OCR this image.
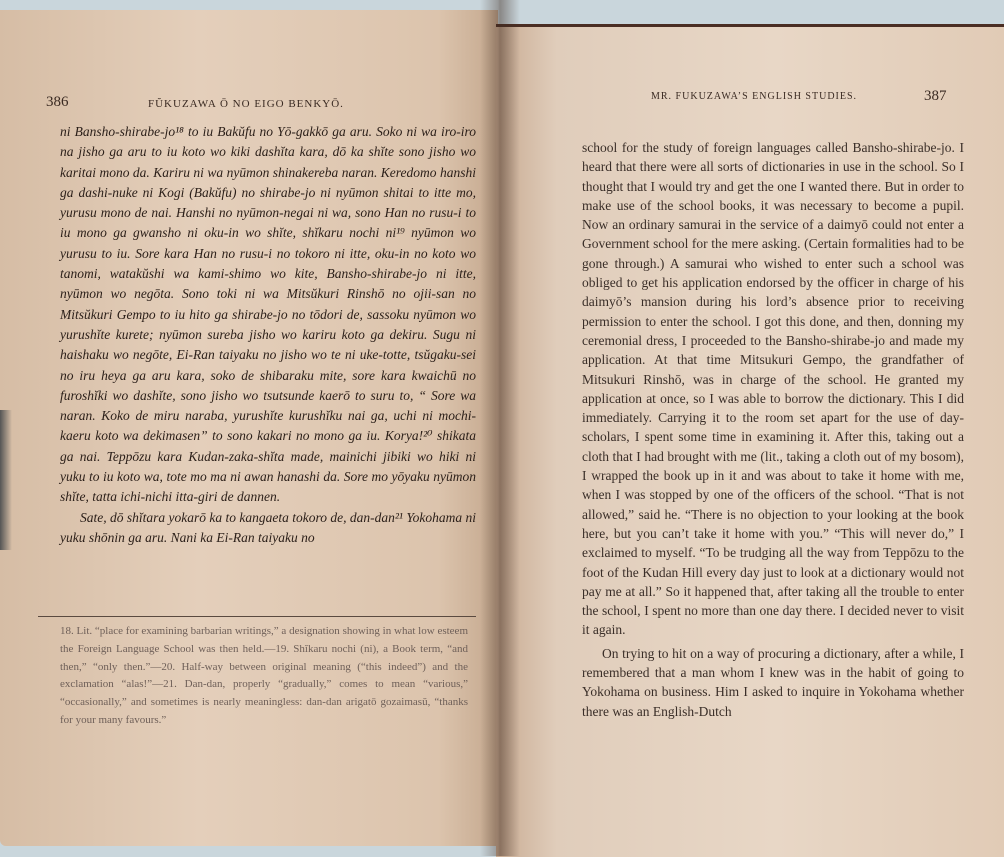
386	FŬKUZAWA Ō NO EIGO BENKYŌ.

ni Bansho-shirabe-jo¹⁸ to iu Bakŭfu no Yō-gakkō ga aru. Soko ni wa iro-iro na jisho ga aru to iu koto wo kiki dashĭta kara, dō ka shĭte sono jisho wo karitai mono da. Kariru ni wa nyūmon shinakereba naran. Keredomo hanshi ga dashi-nuke ni Kogi (Bakŭfu) no shirabe-jo ni nyūmon shitai to itte mo, yurusu mono de nai. Hanshi no nyūmon-negai ni wa, sono Han no rusu-i to iu mono ga gwansho ni oku-in wo shĭte, shĭkaru nochi ni¹⁹ nyūmon wo yurusu to iu. Sore kara Han no rusu-i no tokoro ni itte, oku-in no koto wo tanomi, watakŭshi wa kami-shimo wo kite, Bansho-shirabe-jo ni itte, nyūmon wo negōta. Sono toki ni wa Mitsŭkuri Rinshō no ojii-san no Mitsŭkuri Gempo to iu hito ga shirabe-jo no tōdori de, sassoku nyūmon wo yurushĭte kurete; nyūmon sureba jisho wo kariru koto ga dekiru. Sugu ni haishaku wo negōte, Ei-Ran taiyaku no jisho wo te ni uke-totte, tsŭgaku-sei no iru heya ga aru kara, soko de shibaraku mite, sore kara kwaichū no furoshĭki wo dashĭte, sono jisho wo tsutsunde kaerō to suru to, “ Sore wa naran. Koko de miru naraba, yurushĭte kurushĭku nai ga, uchi ni mochi-kaeru koto wa dekimasen” to sono kakari no mono ga iu. Korya!²⁰ shikata ga nai. Teppōzu kara Kudan-zaka-shĭta made, mainichi jibiki wo hiki ni yuku to iu koto wa, tote mo ma ni awan hanashi da. Sore mo yōyaku nyūmon shĭte, tatta ichi-nichi itta-giri de dannen.

Sate, dō shĭtara yokarō ka to kangaeta tokoro de, dan-dan²¹ Yokohama ni yuku shōnin ga aru. Nani ka Ei-Ran taiyaku no

18. Lit. “place for examining barbarian writings,” a designation showing in what low esteem the Foreign Language School was then held.—19. Shĭkaru nochi (ni), a Book term, “and then,” “only then.”—20. Half-way between original meaning (“this indeed”) and the exclamation “alas!”—21. Dan-dan, properly “gradually,” comes to mean “various,” “occasionally,” and sometimes is nearly meaningless: dan-dan arigatō gozaimasŭ, “thanks for your many favours.”
MR. FUKUZAWA’S ENGLISH STUDIES.	387

school for the study of foreign languages called Bansho-shirabe-jo. I heard that there were all sorts of dictionaries in use in the school. So I thought that I would try and get the one I wanted there. But in order to make use of the school books, it was necessary to become a pupil. Now an ordinary samurai in the service of a daimyō could not enter a Government school for the mere asking. (Certain formalities had to be gone through.) A samurai who wished to enter such a school was obliged to get his application endorsed by the officer in charge of his daimyō’s mansion during his lord’s absence prior to receiving permission to enter the school. I got this done, and then, donning my ceremonial dress, I proceeded to the Bansho-shirabe-jo and made my application. At that time Mitsukuri Gempo, the grandfather of Mitsukuri Rinshō, was in charge of the school. He granted my application at once, so I was able to borrow the dictionary. This I did immediately. Carrying it to the room set apart for the use of day-scholars, I spent some time in examining it. After this, taking out a cloth that I had brought with me (lit., taking a cloth out of my bosom), I wrapped the book up in it and was about to take it home with me, when I was stopped by one of the officers of the school. “That is not allowed,” said he. “There is no objection to your looking at the book here, but you can’t take it home with you.” “This will never do,” I exclaimed to myself. “To be trudging all the way from Teppōzu to the foot of the Kudan Hill every day just to look at a dictionary would not pay me at all.” So it happened that, after taking all the trouble to enter the school, I spent no more than one day there. I decided never to visit it again.

On trying to hit on a way of procuring a dictionary, after a while, I remembered that a man whom I knew was in the habit of going to Yokohama on business. Him I asked to inquire in Yokohama whether there was an English-Dutch
